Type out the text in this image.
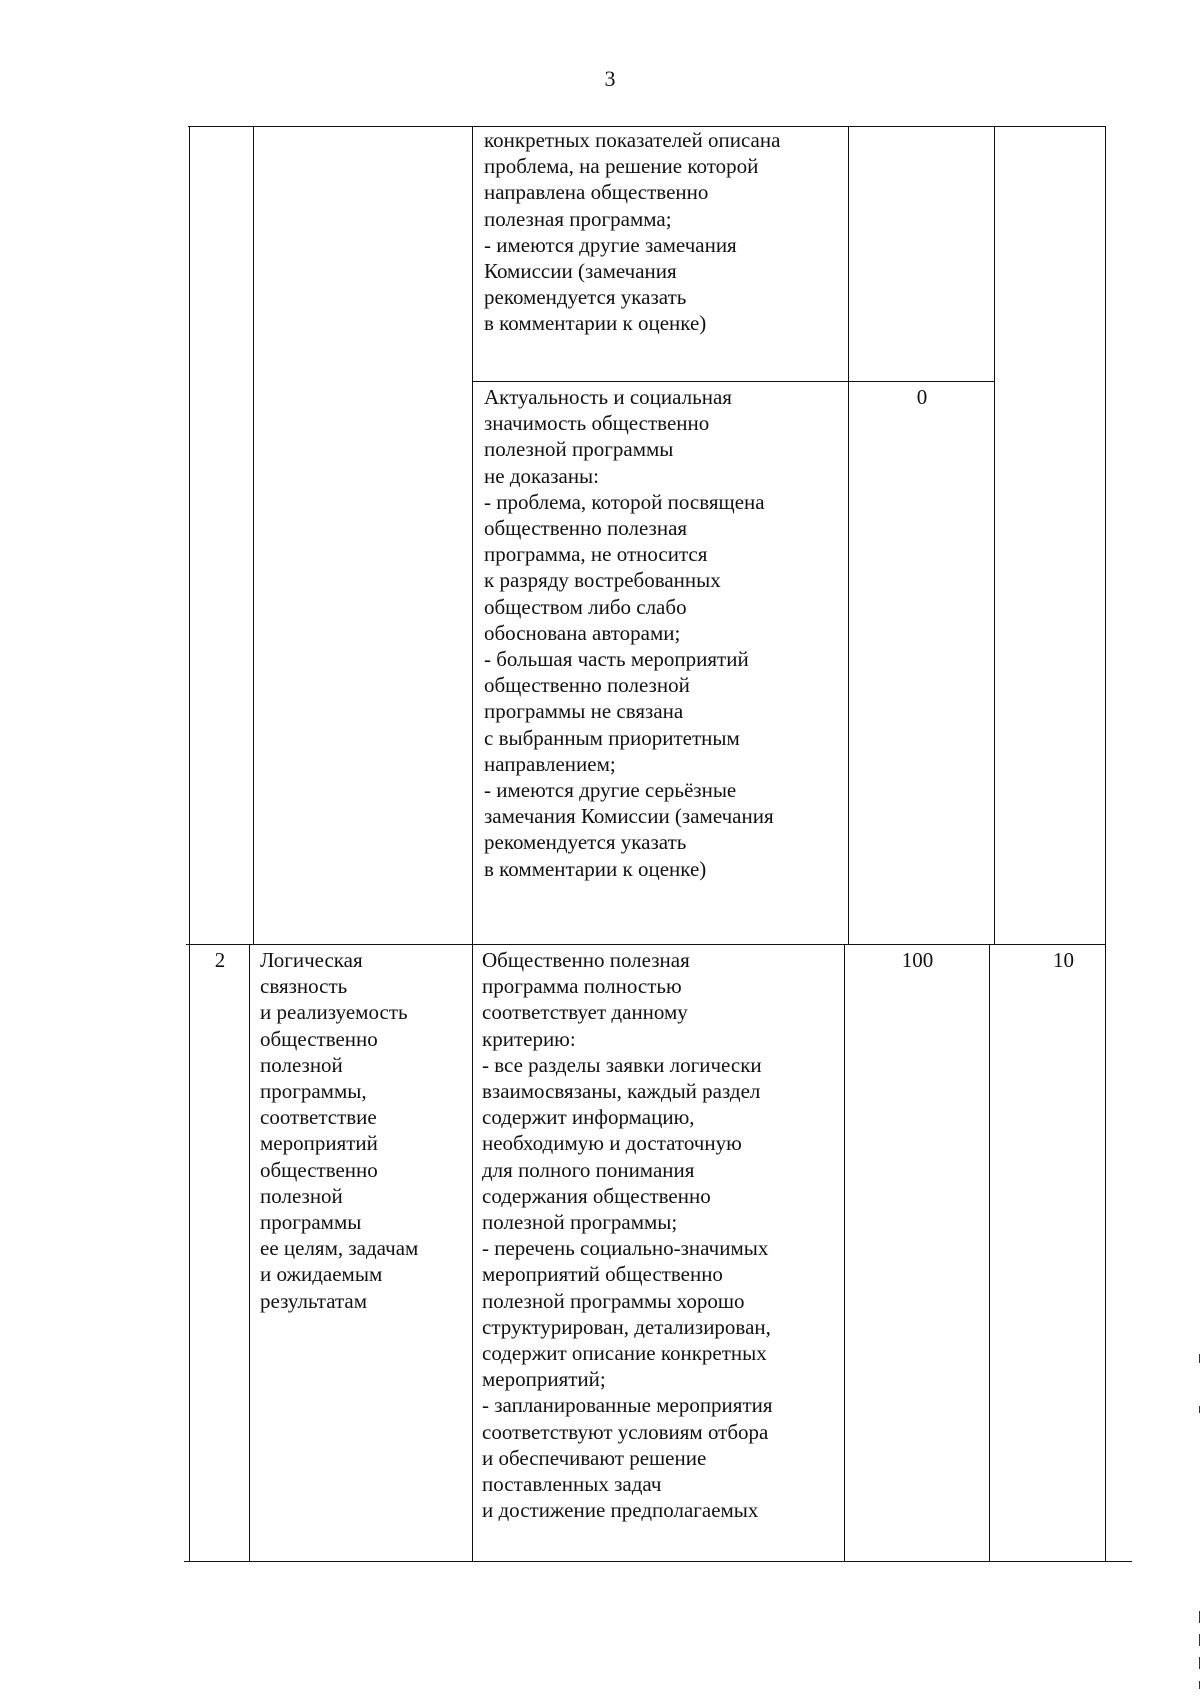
3
конкретных показателей описана
проблема, на решение которой
направлена общественно
полезная программа;
- имеются другие замечания
Комиссии (замечания
рекомендуется указать
в комментарии к оценке)
Актуальность и социальная
значимость общественно
полезной программы
не доказаны:
- проблема, которой посвящена
общественно полезная
программа, не относится
к разряду востребованных
обществом либо слабо
обоснована авторами;
- большая часть мероприятий
общественно полезной
программы не связана
с выбранным приоритетным
направлением;
- имеются другие серьёзные
замечания Комиссии (замечания
рекомендуется указать
в комментарии к оценке)
0
2	Логическая
связность
и реализуемость
общественно
полезной
программы,
соответствие
мероприятий
общественно
полезной
программы
ее целям, задачам
и ожидаемым
результатам
Общественно полезная
программа полностью
соответствует данному
критерию:
- все разделы заявки логически
взаимосвязаны, каждый раздел
содержит информацию,
необходимую и достаточную
для полного понимания
содержания общественно
полезной программы;
- перечень социально-значимых
мероприятий общественно
полезной программы хорошо
структурирован, детализирован,
содержит описание конкретных
мероприятий;
- запланированные мероприятия
соответствуют условиям отбора
и обеспечивают решение
поставленных задач
и достижение предполагаемых
100	10
